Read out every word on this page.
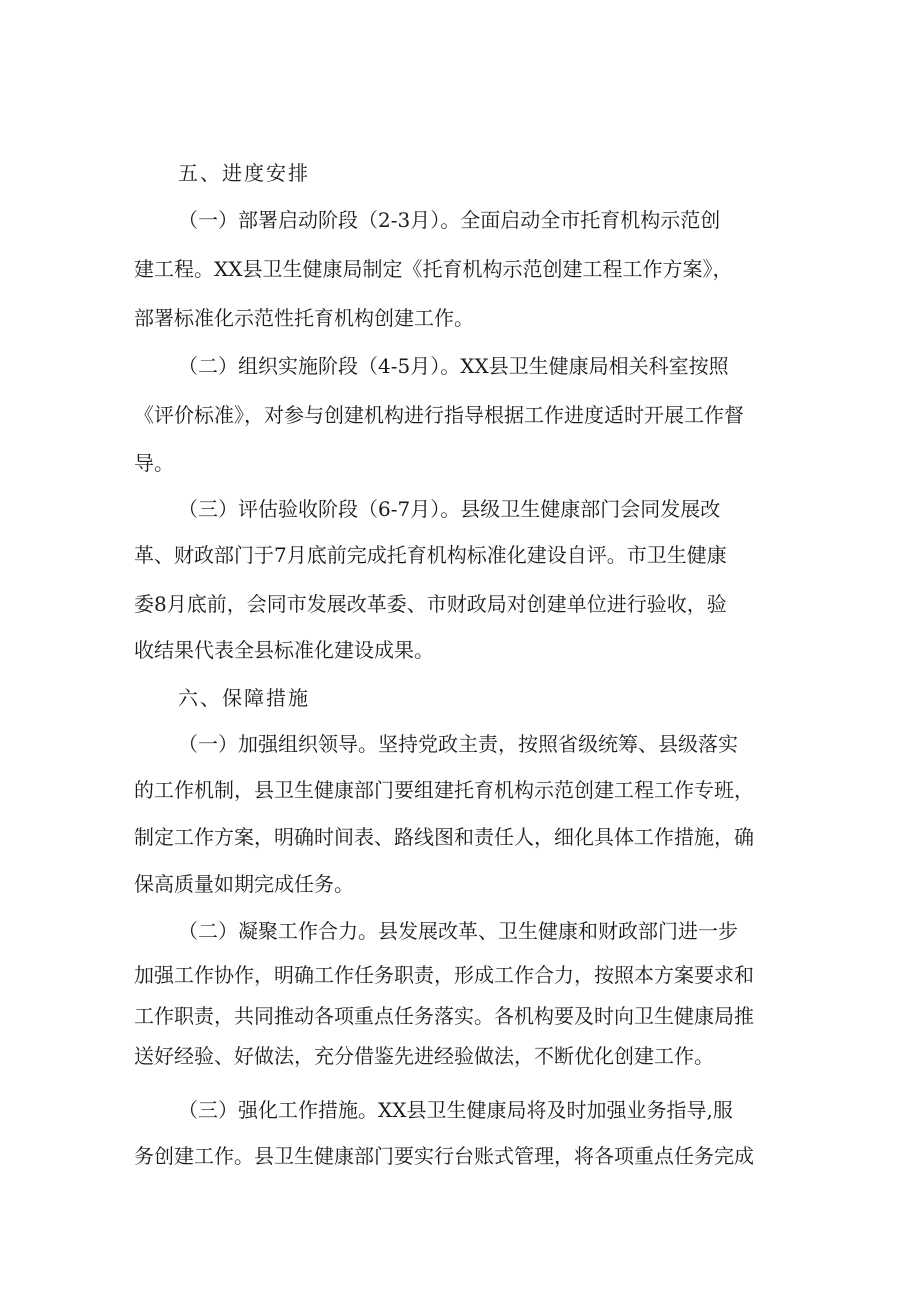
五、进度安排
（一）部署启动阶段（2-3月）。全面启动全市托育机构示范创
建工程。XX县卫生健康局制定《托育机构示范创建工程工作方案》，
部署标准化示范性托育机构创建工作。
（二）组织实施阶段（4-5月）。XX县卫生健康局相关科室按照
《评价标准》，对参与创建机构进行指导根据工作进度适时开展工作督
导。
（三）评估验收阶段（6-7月）。县级卫生健康部门会同发展改
革、财政部门于7月底前完成托育机构标准化建设自评。市卫生健康
委8月底前，会同市发展改革委、市财政局对创建单位进行验收，验
收结果代表全县标准化建设成果。
六、保障措施
（一）加强组织领导。坚持党政主责，按照省级统筹、县级落实
的工作机制，县卫生健康部门要组建托育机构示范创建工程工作专班，
制定工作方案，明确时间表、路线图和责任人，细化具体工作措施，确
保高质量如期完成任务。
（二）凝聚工作合力。县发展改革、卫生健康和财政部门进一步
加强工作协作，明确工作任务职责，形成工作合力，按照本方案要求和
工作职责，共同推动各项重点任务落实。各机构要及时向卫生健康局推
送好经验、好做法，充分借鉴先进经验做法，不断优化创建工作。
（三）强化工作措施。XX县卫生健康局将及时加强业务指导,服
务创建工作。县卫生健康部门要实行台账式管理，将各项重点任务完成
